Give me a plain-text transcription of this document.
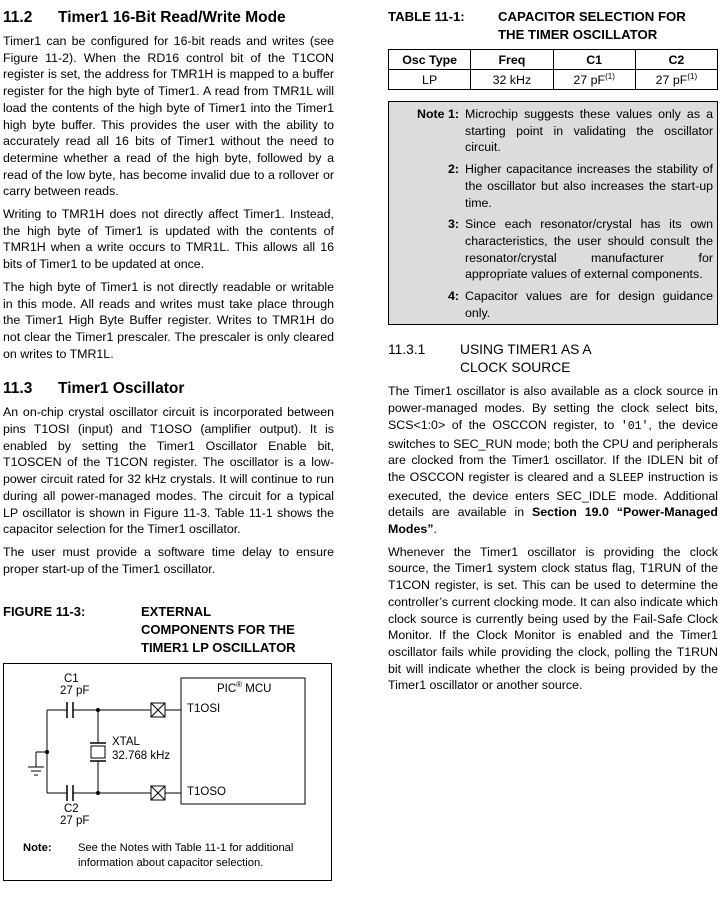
11.2	Timer1 16-Bit Read/Write Mode

Timer1 can be configured for 16-bit reads and writes (see Figure 11-2). When the RD16 control bit of the T1CON register is set, the address for TMR1H is mapped to a buffer register for the high byte of Timer1. A read from TMR1L will load the contents of the high byte of Timer1 into the Timer1 high byte buffer. This provides the user with the ability to accurately read all 16 bits of Timer1 without the need to determine whether a read of the high byte, followed by a read of the low byte, has become invalid due to a rollover or carry between reads.

Writing to TMR1H does not directly affect Timer1. Instead, the high byte of Timer1 is updated with the contents of TMR1H when a write occurs to TMR1L. This allows all 16 bits of Timer1 to be updated at once.

The high byte of Timer1 is not directly readable or writable in this mode. All reads and writes must take place through the Timer1 High Byte Buffer register. Writes to TMR1H do not clear the Timer1 prescaler. The prescaler is only cleared on writes to TMR1L.

11.3	Timer1 Oscillator

An on-chip crystal oscillator circuit is incorporated between pins T1OSI (input) and T1OSO (amplifier output). It is enabled by setting the Timer1 Oscillator Enable bit, T1OSCEN of the T1CON register. The oscillator is a low-power circuit rated for 32 kHz crystals. It will continue to run during all power-managed modes. The circuit for a typical LP oscillator is shown in Figure 11-3. Table 11-1 shows the capacitor selection for the Timer1 oscillator.

The user must provide a software time delay to ensure proper start-up of the Timer1 oscillator.

FIGURE 11-3:	EXTERNAL
COMPONENTS FOR THE
TIMER1 LP OSCILLATOR
C1
27 pF
C2
27 pF
XTAL
32.768 kHz
PIC® MCU
T1OSI
T1OSO
Note:	See the Notes with Table 11-1 for additional information about capacitor selection.
TABLE 11-1:	CAPACITOR SELECTION FOR
THE TIMER OSCILLATOR
Osc Type	Freq	C1	C2
LP	32 kHz	27 $pF^{(1)}$	27 $pF^{(1)}$
Note 1: Microchip suggests these values only as a starting point in validating the oscillator circuit.
2: Higher capacitance increases the stability of the oscillator but also increases the start-up time.
3: Since each resonator/crystal has its own characteristics, the user should consult the resonator/crystal manufacturer for appropriate values of external components.
4: Capacitor values are for design guidance only.
11.3.1	USING TIMER1 AS A
CLOCK SOURCE

The Timer1 oscillator is also available as a clock source in power-managed modes. By setting the clock select bits, SCS<1:0> of the OSCCON register, to '01', the device switches to SEC_RUN mode; both the CPU and peripherals are clocked from the Timer1 oscillator. If the IDLEN bit of the OSCCON register is cleared and a SLEEP instruction is executed, the device enters SEC_IDLE mode. Additional details are available in Section 19.0 “Power-Managed Modes”.

Whenever the Timer1 oscillator is providing the clock source, the Timer1 system clock status flag, T1RUN of the T1CON register, is set. This can be used to determine the controller’s current clocking mode. It can also indicate which clock source is currently being used by the Fail-Safe Clock Monitor. If the Clock Monitor is enabled and the Timer1 oscillator fails while providing the clock, polling the T1RUN bit will indicate whether the clock is being provided by the Timer1 oscillator or another source.
